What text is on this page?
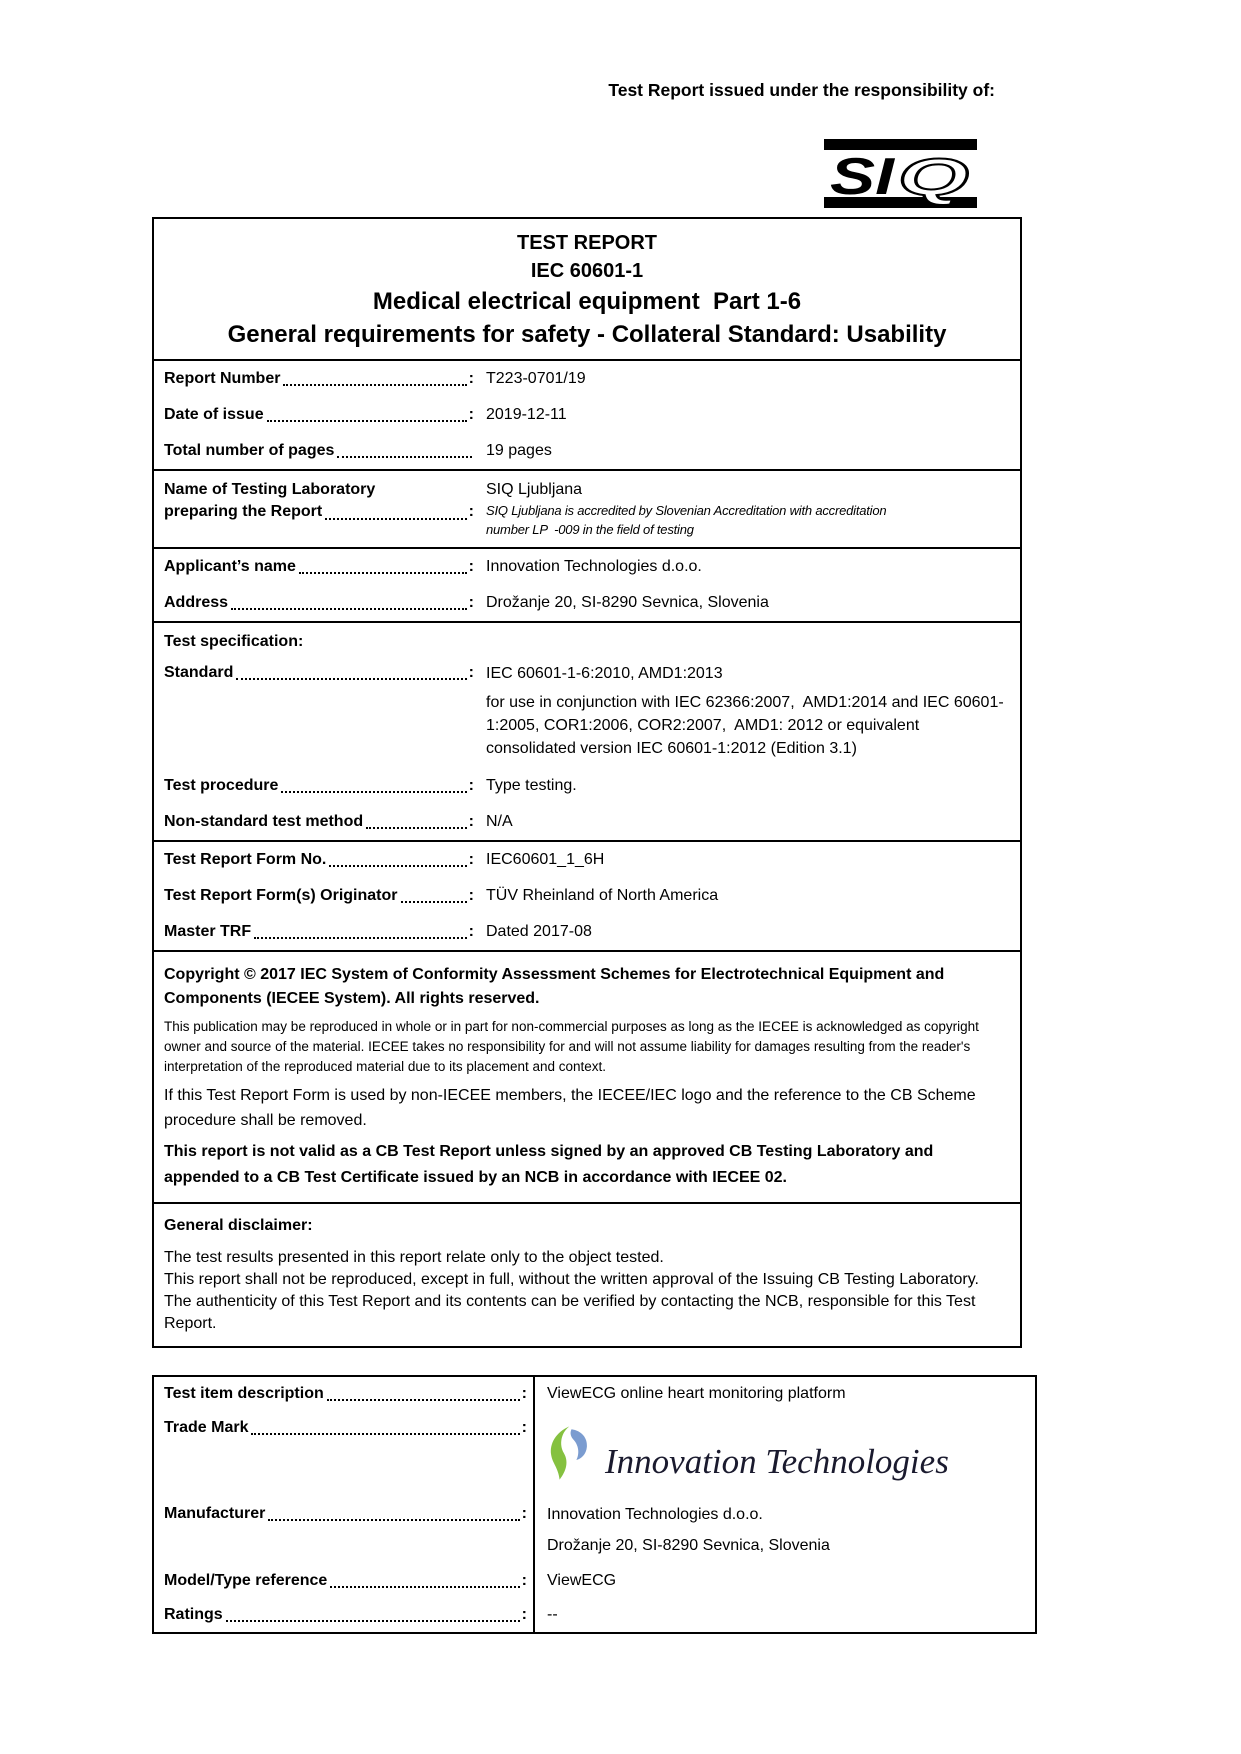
Test Report issued under the responsibility of:
SI Q
TEST REPORT
IEC 60601-1
Medical electrical equipment  Part 1-6
General requirements for safety - Collateral Standard: Usability
Report Number	: T223-0701/19
Date of issue	: 2019-12-11
Total number of pages	19 pages
Name of Testing Laboratory
preparing the Report	:
SIQ Ljubljana
SIQ Ljubljana is accredited by Slovenian Accreditation with accreditation
number LP  -009 in the field of testing
Applicant’s name	: Innovation Technologies d.o.o.
Address	: Drožanje 20, SI-8290 Sevnica, Slovenia
Test specification:
Standard	: IEC 60601-1-6:2010, AMD1:2013
for use in conjunction with IEC 62366:2007,  AMD1:2014 and IEC 60601-1:2005, COR1:2006, COR2:2007,  AMD1: 2012 or equivalent consolidated version IEC 60601-1:2012 (Edition 3.1)
Test procedure	: Type testing.
Non-standard test method	: N/A
Test Report Form No.	: IEC60601_1_6H
Test Report Form(s) Originator	: TÜV Rheinland of North America
Master TRF	: Dated 2017-08
Copyright © 2017 IEC System of Conformity Assessment Schemes for Electrotechnical Equipment and Components (IECEE System). All rights reserved.
This publication may be reproduced in whole or in part for non-commercial purposes as long as the IECEE is acknowledged as copyright owner and source of the material. IECEE takes no responsibility for and will not assume liability for damages resulting from the reader's interpretation of the reproduced material due to its placement and context.
If this Test Report Form is used by non-IECEE members, the IECEE/IEC logo and the reference to the CB Scheme procedure shall be removed.
This report is not valid as a CB Test Report unless signed by an approved CB Testing Laboratory and appended to a CB Test Certificate issued by an NCB in accordance with IECEE 02.
General disclaimer:
The test results presented in this report relate only to the object tested.
This report shall not be reproduced, except in full, without the written approval of the Issuing CB Testing Laboratory. The authenticity of this Test Report and its contents can be verified by contacting the NCB, responsible for this Test Report.
Test item description	:	ViewECG online heart monitoring platform
Trade Mark	:
Innovation Technologies
Manufacturer	: Innovation Technologies d.o.o.
Drožanje 20, SI-8290 Sevnica, Slovenia
Model/Type reference	:	ViewECG
Ratings	:	--
